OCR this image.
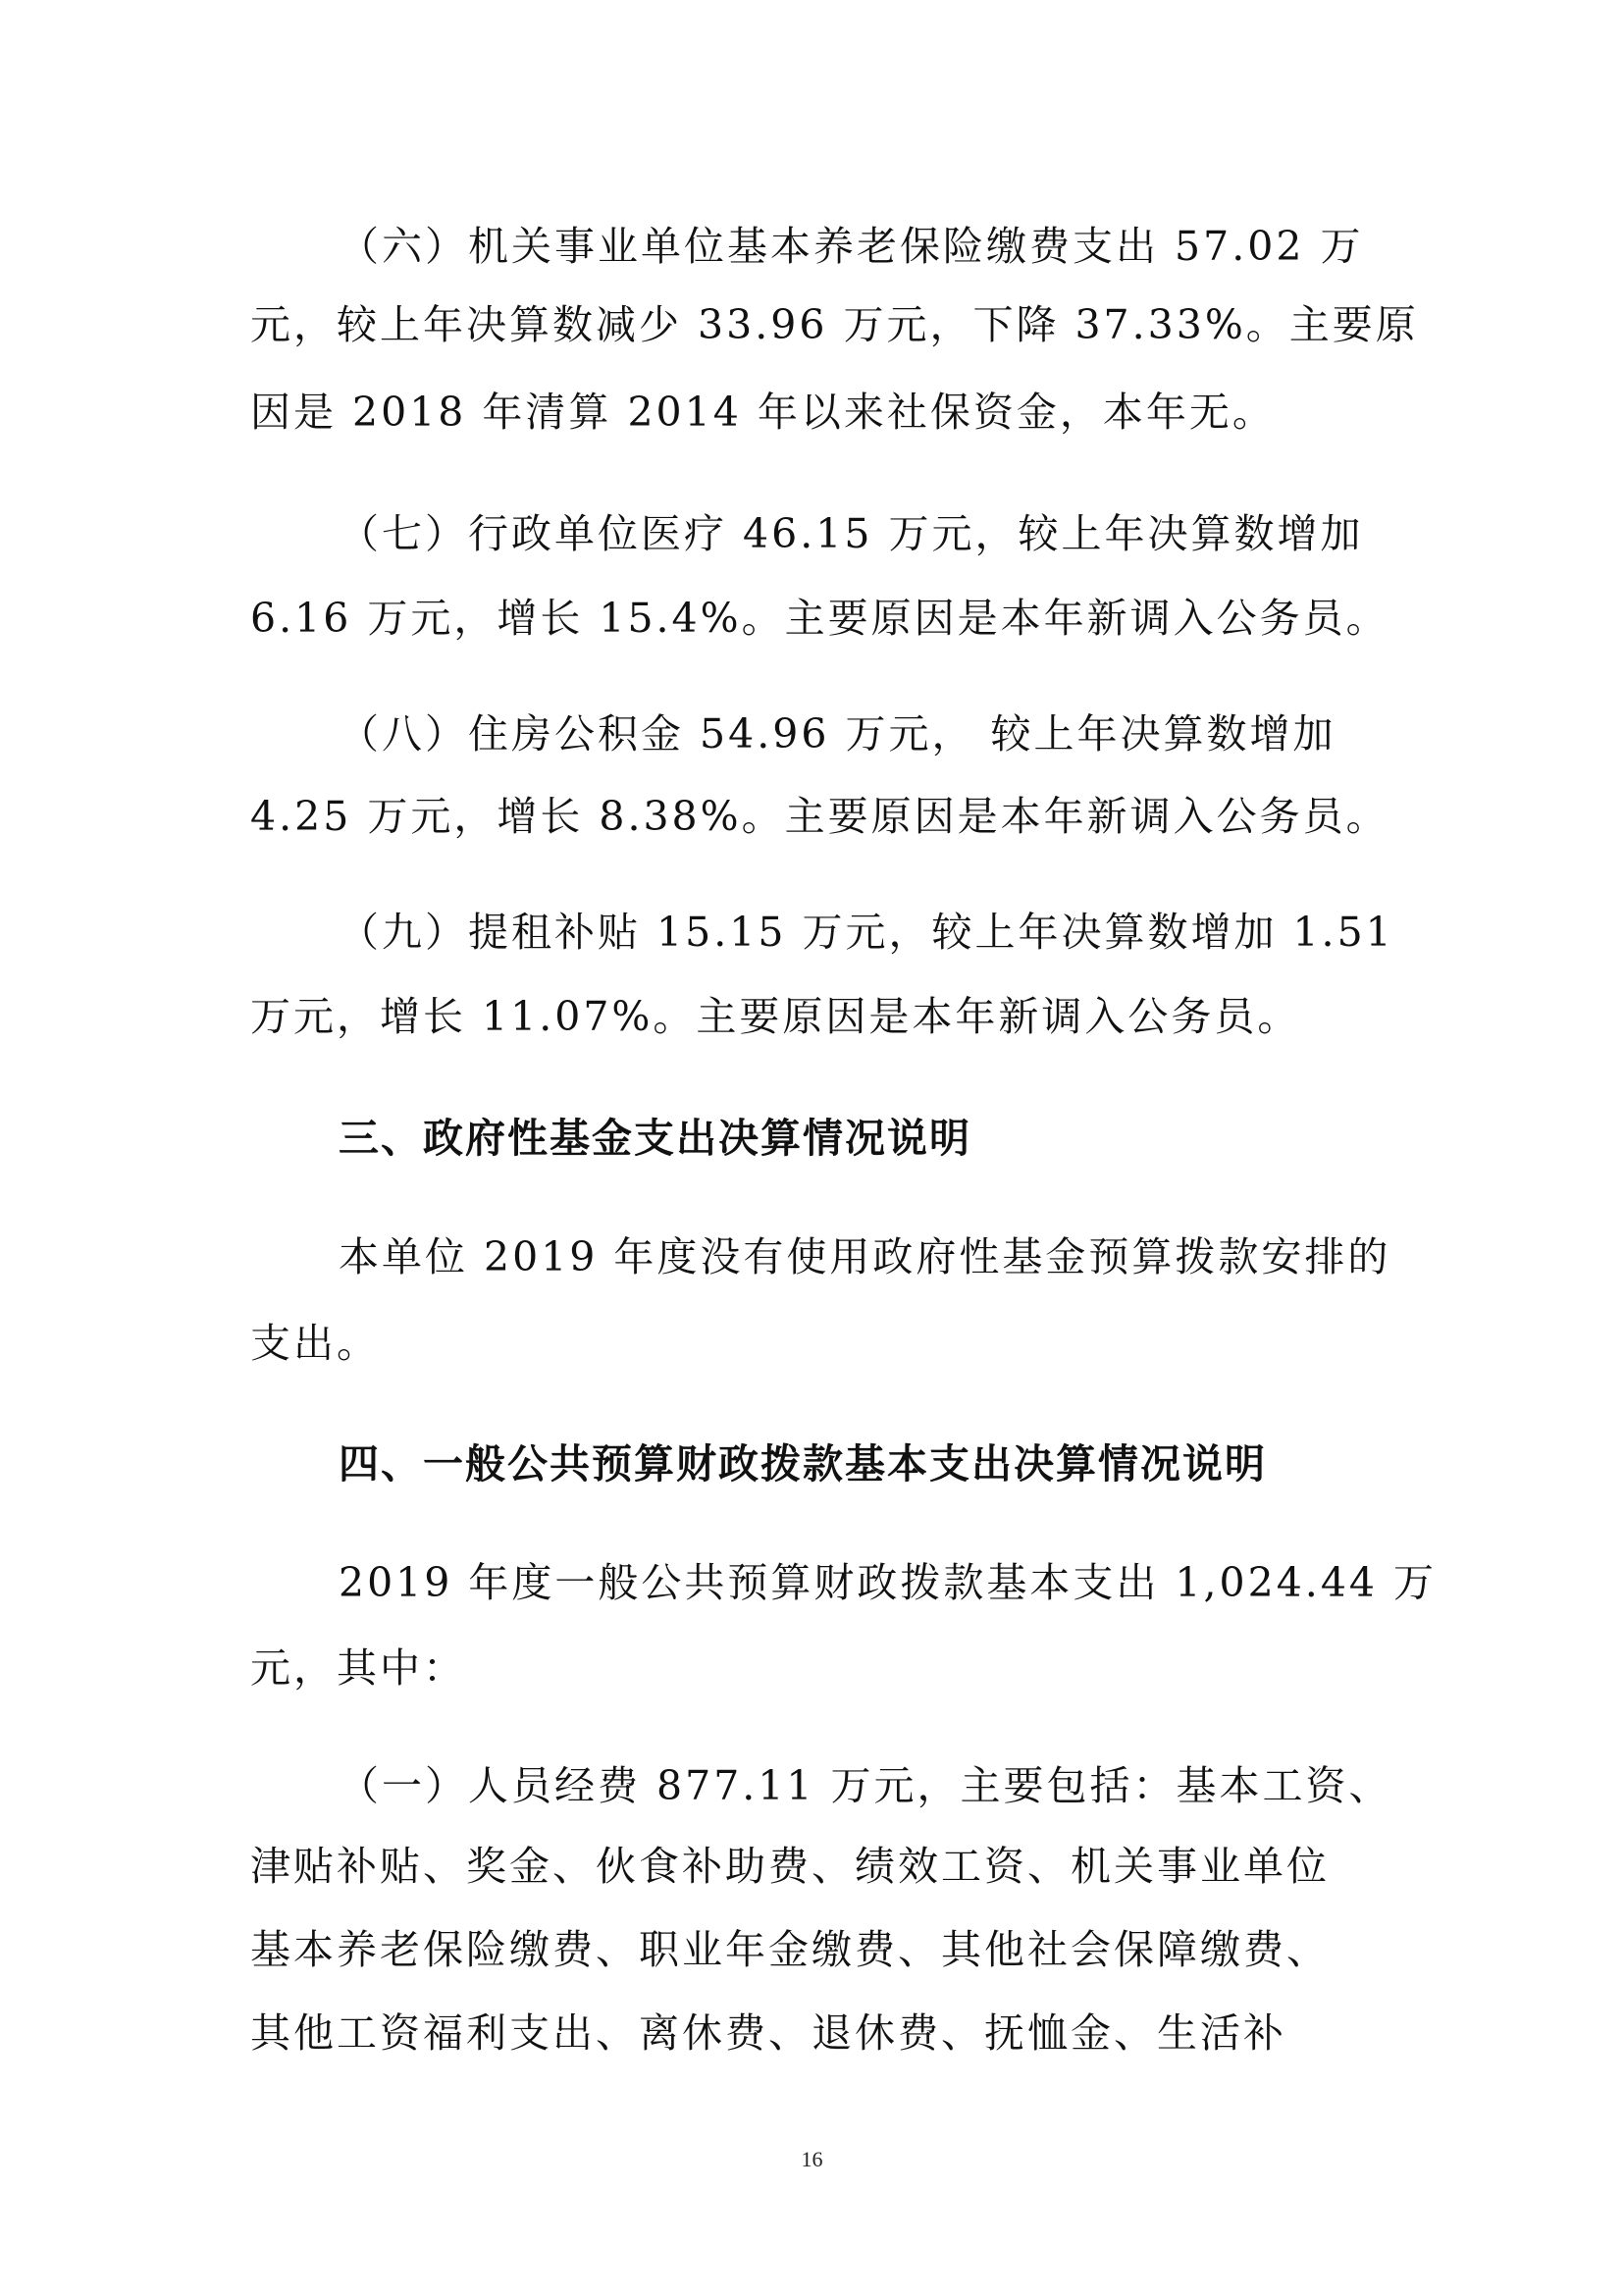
（六）机关事业单位基本养老保险缴费支出 57.02 万
元，较上年决算数减少 33.96 万元，下降 37.33%。主要原
因是 2018 年清算 2014 年以来社保资金，本年无。
（七）行政单位医疗 46.15 万元，较上年决算数增加
6.16 万元，增长 15.4%。主要原因是本年新调入公务员。
（八）住房公积金 54.96 万元， 较上年决算数增加
4.25 万元，增长 8.38%。主要原因是本年新调入公务员。
（九）提租补贴 15.15 万元，较上年决算数增加 1.51
万元，增长 11.07%。主要原因是本年新调入公务员。
三、政府性基金支出决算情况说明
本单位 2019 年度没有使用政府性基金预算拨款安排的
支出。
四、一般公共预算财政拨款基本支出决算情况说明
2019 年度一般公共预算财政拨款基本支出 1,024.44 万
元，其中：
（一）人员经费 877.11 万元，主要包括：基本工资、
津贴补贴、奖金、伙食补助费、绩效工资、机关事业单位
基本养老保险缴费、职业年金缴费、其他社会保障缴费、
其他工资福利支出、离休费、退休费、抚恤金、生活补
16
